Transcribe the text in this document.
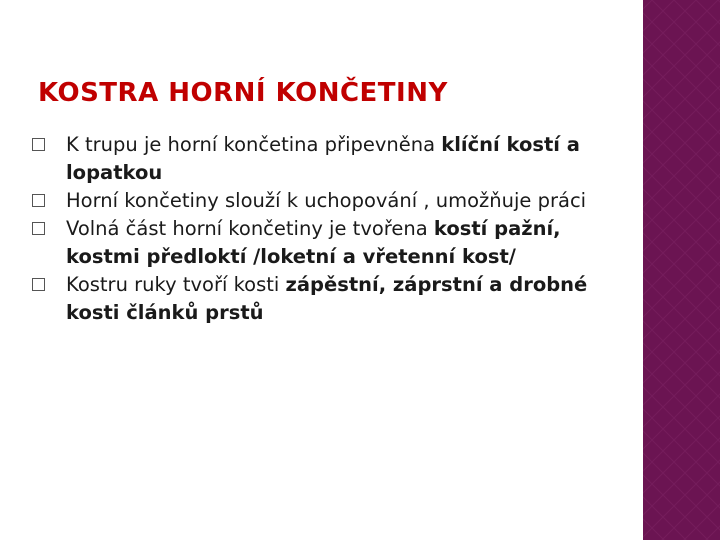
KOSTRA HORNÍ KONČETINY
K trupu je horní končetina připevněna klíční kostí a lopatkou
Horní končetiny slouží k uchopování , umožňuje práci
Volná část horní končetiny je tvořena kostí pažní, kostmi předloktí /loketní a vřetenní kost/
Kostru ruky tvoří kosti zápěstní, záprstní a drobné kosti článků prstů
